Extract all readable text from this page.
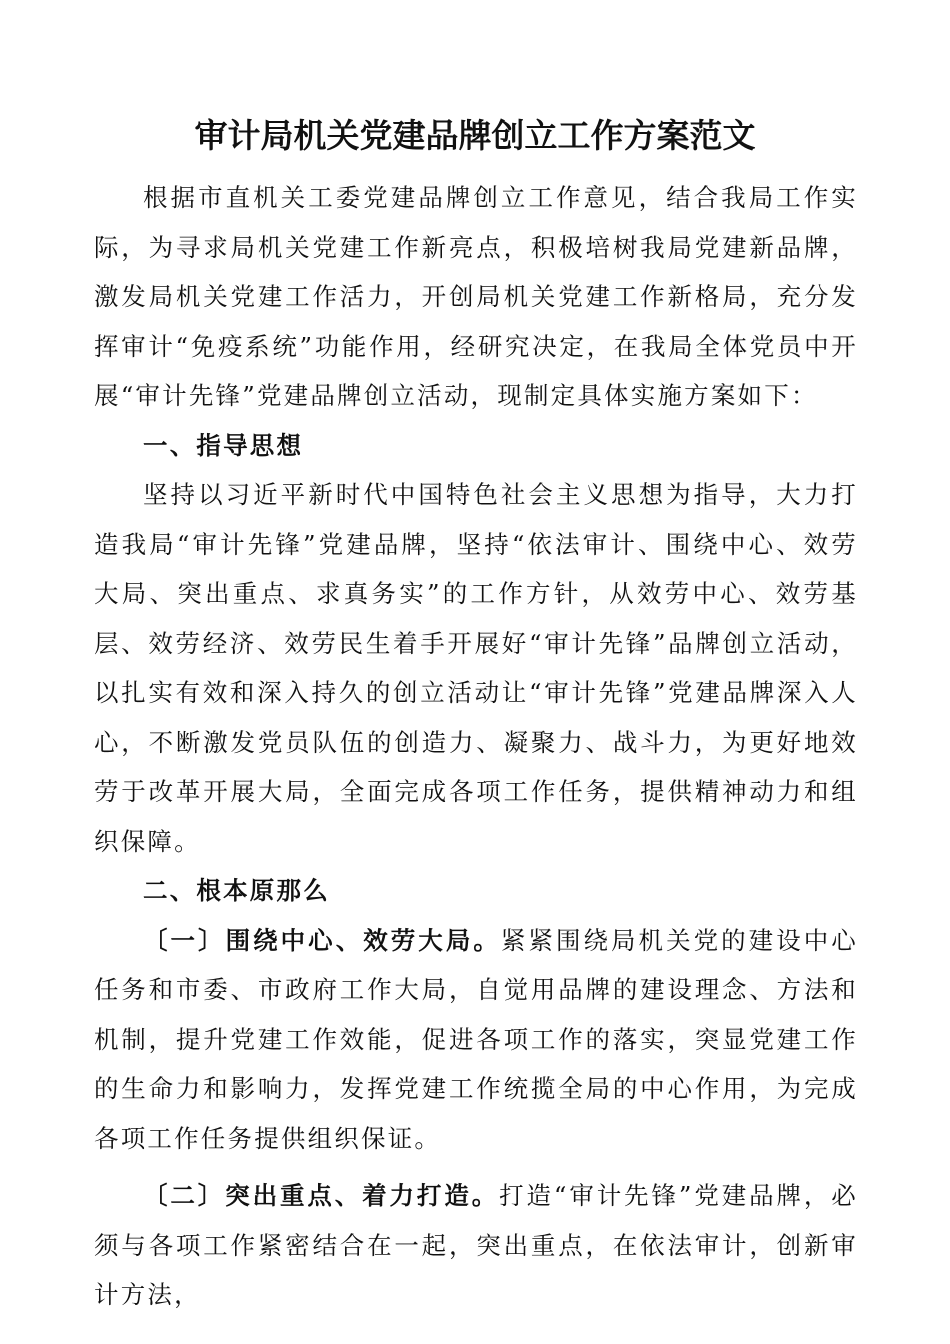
审计局机关党建品牌创立工作方案范文

根据市直机关工委党建品牌创立工作意见，结合我局工作实际，为寻求局机关党建工作新亮点，积极培树我局党建新品牌，激发局机关党建工作活力，开创局机关党建工作新格局，充分发挥审计“免疫系统”功能作用，经研究决定，在我局全体党员中开展“审计先锋”党建品牌创立活动，现制定具体实施方案如下：

一、指导思想

坚持以习近平新时代中国特色社会主义思想为指导，大力打造我局“审计先锋”党建品牌，坚持“依法审计、围绕中心、效劳大局、突出重点、求真务实”的工作方针，从效劳中心、效劳基层、效劳经济、效劳民生着手开展好“审计先锋”品牌创立活动，以扎实有效和深入持久的创立活动让“审计先锋”党建品牌深入人心，不断激发党员队伍的创造力、凝聚力、战斗力，为更好地效劳于改革开展大局，全面完成各项工作任务，提供精神动力和组织保障。

二、根本原那么

〔一〕围绕中心、效劳大局。紧紧围绕局机关党的建设中心任务和市委、市政府工作大局，自觉用品牌的建设理念、方法和机制，提升党建工作效能，促进各项工作的落实，突显党建工作的生命力和影响力，发挥党建工作统揽全局的中心作用，为完成各项工作任务提供组织保证。

〔二〕突出重点、着力打造。打造“审计先锋”党建品牌，必须与各项工作紧密结合在一起，突出重点，在依法审计，创新审计方法，
